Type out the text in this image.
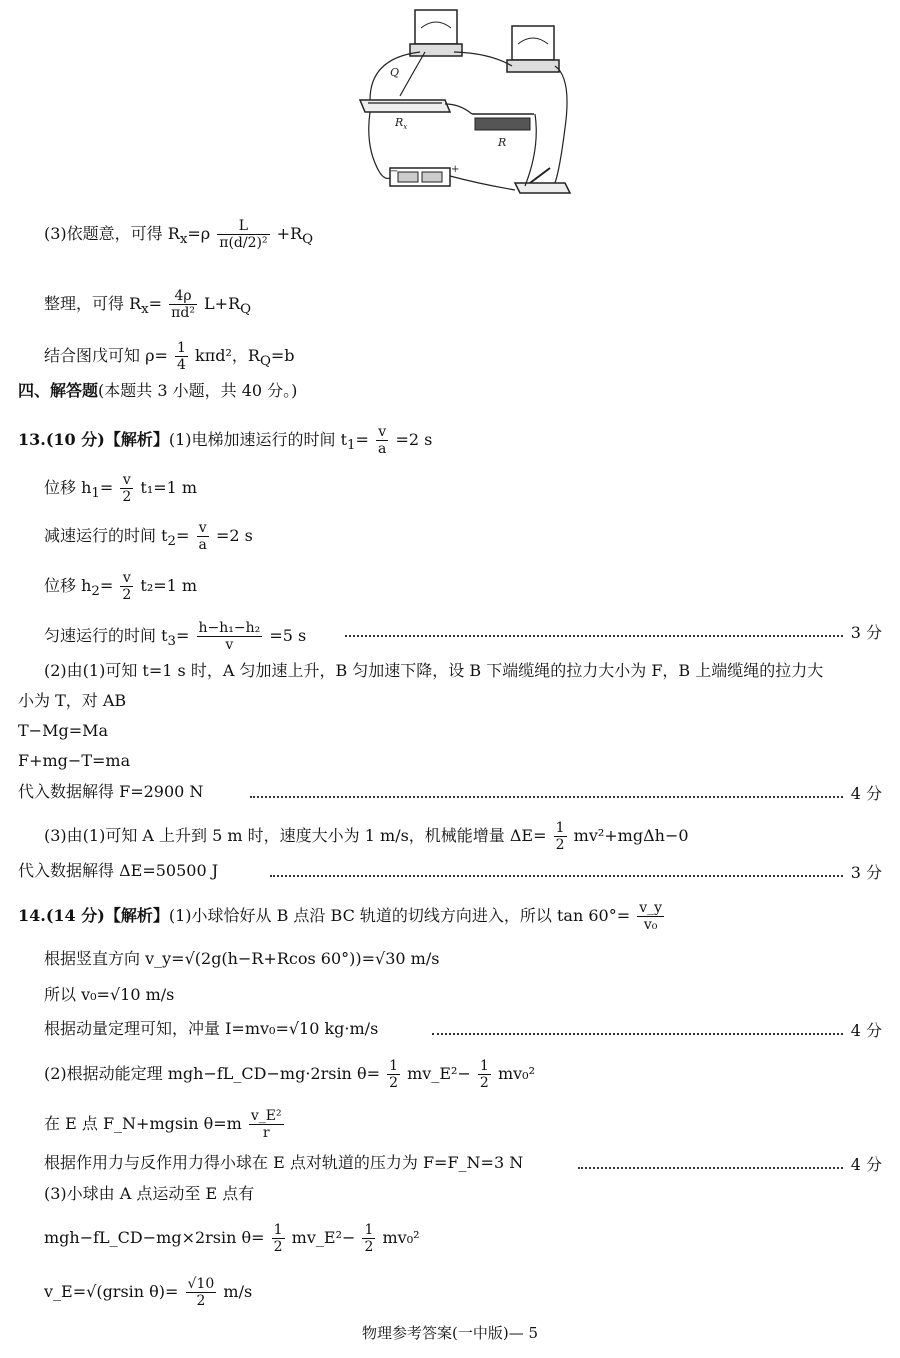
Q
$R_x$
R
−	+
(3)依题意，可得 $R_x=\rho \frac{L}{\text{π(d/2)²}} +R_Q$
整理，可得 $R_x= \frac{4\rho}{\text{πd²}} L+R_Q$
结合图戊可知 $\rho= \frac{1}{4} k\pi d^2$，$R_Q=b$
四、解答题(本题共 3 小题，共 40 分。)
13.(10 分)【解析】(1)电梯加速运行的时间 $t_1= \frac{v}{a} =2$ s
位移 $h_1= \frac{v}{2} t_1=1$ m
减速运行的时间 $t_2= \frac{v}{a} =2$ s
位移 $h_2= \frac{v}{2} t_2=1$ m
匀速运行的时间 $t_3= \frac{\text{h−h₁−h₂}}{v} =5$ s	3 分
(2)由(1)可知 t=1 s 时，A 匀加速上升，B 匀加速下降，设 B 下端缆绳的拉力大小为 F，B 上端缆绳的拉力大
小为 T，对 AB
T−Mg=Ma
F+mg−T=ma
代入数据解得 F=2900 N	4 分
(3)由(1)可知 A 上升到 5 m 时，速度大小为 1 m/s，机械能增量 $\Delta E= \frac{1}{2} mv^2+mg\Delta h-0$
代入数据解得 ΔE=50500 J	3 分
14.(14 分)【解析】(1)小球恰好从 B 点沿 BC 轨道的切线方向进入，所以 $\tan 60^\circ= \frac{v\_y}{\text{v₀}}$
根据竖直方向 v_y=√(2g(h−R+Rcos 60°))=√30 m/s
所以 v₀=√10 m/s
根据动量定理可知，冲量 I=mv₀=√10 kg·m/s	4 分
(2)根据动能定理 mgh−fL_CD−mg·2rsin $\theta= \frac{1}{2}$ mv_E²− $\frac{1}{2} mv_0^2$
在 E 点 F_N+mgsin $\theta=m \frac{\text{v\_E²}}{r}$
根据作用力与反作用力得小球在 E 点对轨道的压力为 F=F_N=3 N	4 分
(3)小球由 A 点运动至 E 点有
mgh−fL_CD−mg×2rsin $\theta= \frac{1}{2}$ mv_E²− $\frac{1}{2} mv_0^2$
v_E=√(grsin $\theta)= \frac{√10}{2} m/s$
物理参考答案(一中版)— 5
